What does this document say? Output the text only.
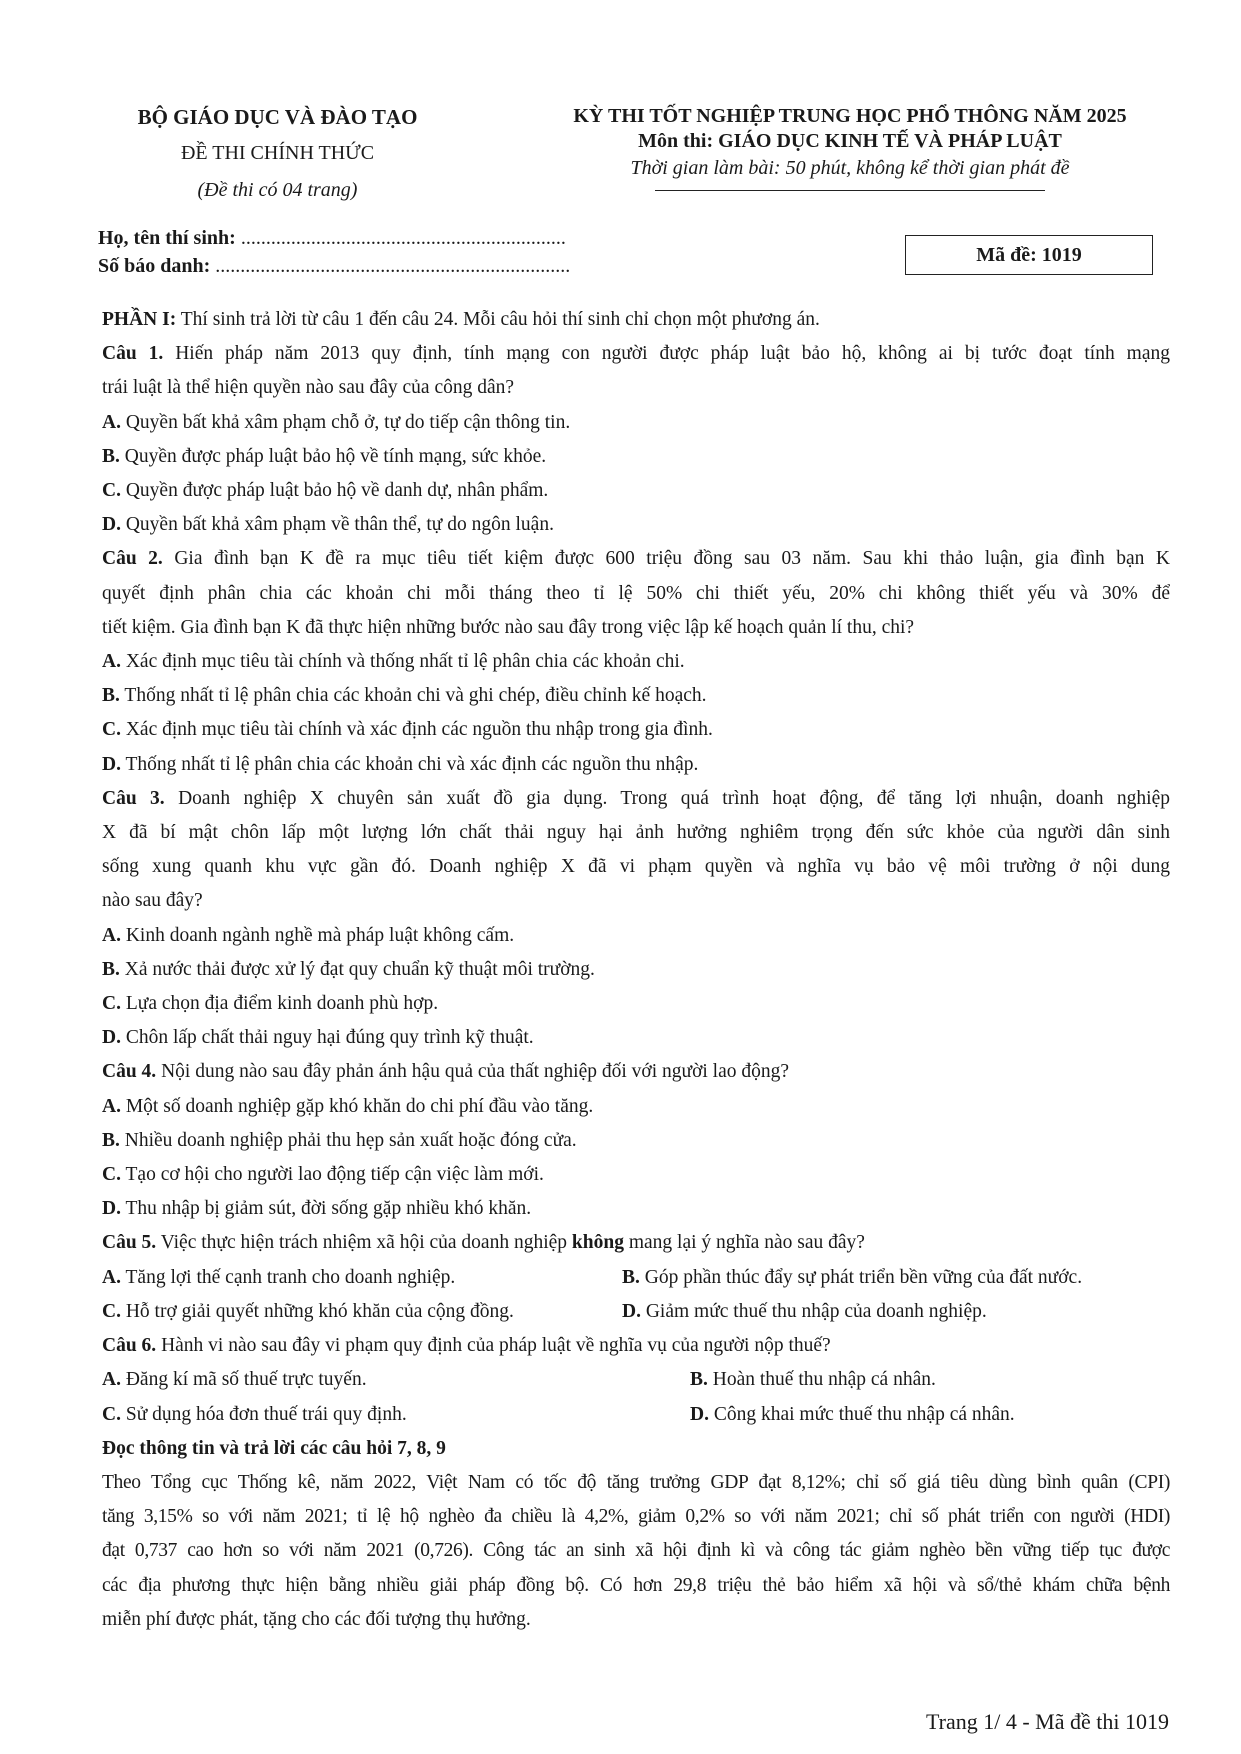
BỘ GIÁO DỤC VÀ ĐÀO TẠO
ĐỀ THI CHÍNH THỨC
(Đề thi có 04 trang)
KỲ THI TỐT NGHIỆP TRUNG HỌC PHỔ THÔNG NĂM 2025
Môn thi: GIÁO DỤC KINH TẾ VÀ PHÁP LUẬT
Thời gian làm bài: 50 phút, không kể thời gian phát đề
Họ, tên thí sinh: .................................................................
Số báo danh: .......................................................................
Mã đề: 1019
PHẦN I: Thí sinh trả lời từ câu 1 đến câu 24. Mỗi câu hỏi thí sinh chỉ chọn một phương án.
Câu 1. Hiến pháp năm 2013 quy định, tính mạng con người được pháp luật bảo hộ, không ai bị tước đoạt tính mạng
trái luật là thể hiện quyền nào sau đây của công dân?
A. Quyền bất khả xâm phạm chỗ ở, tự do tiếp cận thông tin.
B. Quyền được pháp luật bảo hộ về tính mạng, sức khỏe.
C. Quyền được pháp luật bảo hộ về danh dự, nhân phẩm.
D. Quyền bất khả xâm phạm về thân thể, tự do ngôn luận.
Câu 2. Gia đình bạn K đề ra mục tiêu tiết kiệm được 600 triệu đồng sau 03 năm. Sau khi thảo luận, gia đình bạn K
quyết định phân chia các khoản chi mỗi tháng theo tỉ lệ 50% chi thiết yếu, 20% chi không thiết yếu và 30% để
tiết kiệm. Gia đình bạn K đã thực hiện những bước nào sau đây trong việc lập kế hoạch quản lí thu, chi?
A. Xác định mục tiêu tài chính và thống nhất tỉ lệ phân chia các khoản chi.
B. Thống nhất tỉ lệ phân chia các khoản chi và ghi chép, điều chỉnh kế hoạch.
C. Xác định mục tiêu tài chính và xác định các nguồn thu nhập trong gia đình.
D. Thống nhất tỉ lệ phân chia các khoản chi và xác định các nguồn thu nhập.
Câu 3. Doanh nghiệp X chuyên sản xuất đồ gia dụng. Trong quá trình hoạt động, để tăng lợi nhuận, doanh nghiệp
X đã bí mật chôn lấp một lượng lớn chất thải nguy hại ảnh hưởng nghiêm trọng đến sức khỏe của người dân sinh
sống xung quanh khu vực gần đó. Doanh nghiệp X đã vi phạm quyền và nghĩa vụ bảo vệ môi trường ở nội dung
nào sau đây?
A. Kinh doanh ngành nghề mà pháp luật không cấm.
B. Xả nước thải được xử lý đạt quy chuẩn kỹ thuật môi trường.
C. Lựa chọn địa điểm kinh doanh phù hợp.
D. Chôn lấp chất thải nguy hại đúng quy trình kỹ thuật.
Câu 4. Nội dung nào sau đây phản ánh hậu quả của thất nghiệp đối với người lao động?
A. Một số doanh nghiệp gặp khó khăn do chi phí đầu vào tăng.
B. Nhiều doanh nghiệp phải thu hẹp sản xuất hoặc đóng cửa.
C. Tạo cơ hội cho người lao động tiếp cận việc làm mới.
D. Thu nhập bị giảm sút, đời sống gặp nhiều khó khăn.
Câu 5. Việc thực hiện trách nhiệm xã hội của doanh nghiệp không mang lại ý nghĩa nào sau đây?
A. Tăng lợi thế cạnh tranh cho doanh nghiệp.	B. Góp phần thúc đẩy sự phát triển bền vững của đất nước.
C. Hỗ trợ giải quyết những khó khăn của cộng đồng.	D. Giảm mức thuế thu nhập của doanh nghiệp.
Câu 6. Hành vi nào sau đây vi phạm quy định của pháp luật về nghĩa vụ của người nộp thuế?
A. Đăng kí mã số thuế trực tuyến.	B. Hoàn thuế thu nhập cá nhân.
C. Sử dụng hóa đơn thuế trái quy định.	D. Công khai mức thuế thu nhập cá nhân.
Đọc thông tin và trả lời các câu hỏi 7, 8, 9
Theo Tổng cục Thống kê, năm 2022, Việt Nam có tốc độ tăng trưởng GDP đạt 8,12%; chỉ số giá tiêu dùng bình quân (CPI)
tăng 3,15% so với năm 2021; tỉ lệ hộ nghèo đa chiều là 4,2%, giảm 0,2% so với năm 2021; chỉ số phát triển con người (HDI)
đạt 0,737 cao hơn so với năm 2021 (0,726). Công tác an sinh xã hội định kì và công tác giảm nghèo bền vững tiếp tục được
các địa phương thực hiện bằng nhiều giải pháp đồng bộ. Có hơn 29,8 triệu thẻ bảo hiểm xã hội và sổ/thẻ khám chữa bệnh
miễn phí được phát, tặng cho các đối tượng thụ hưởng.
Trang 1/ 4 - Mã đề thi 1019
